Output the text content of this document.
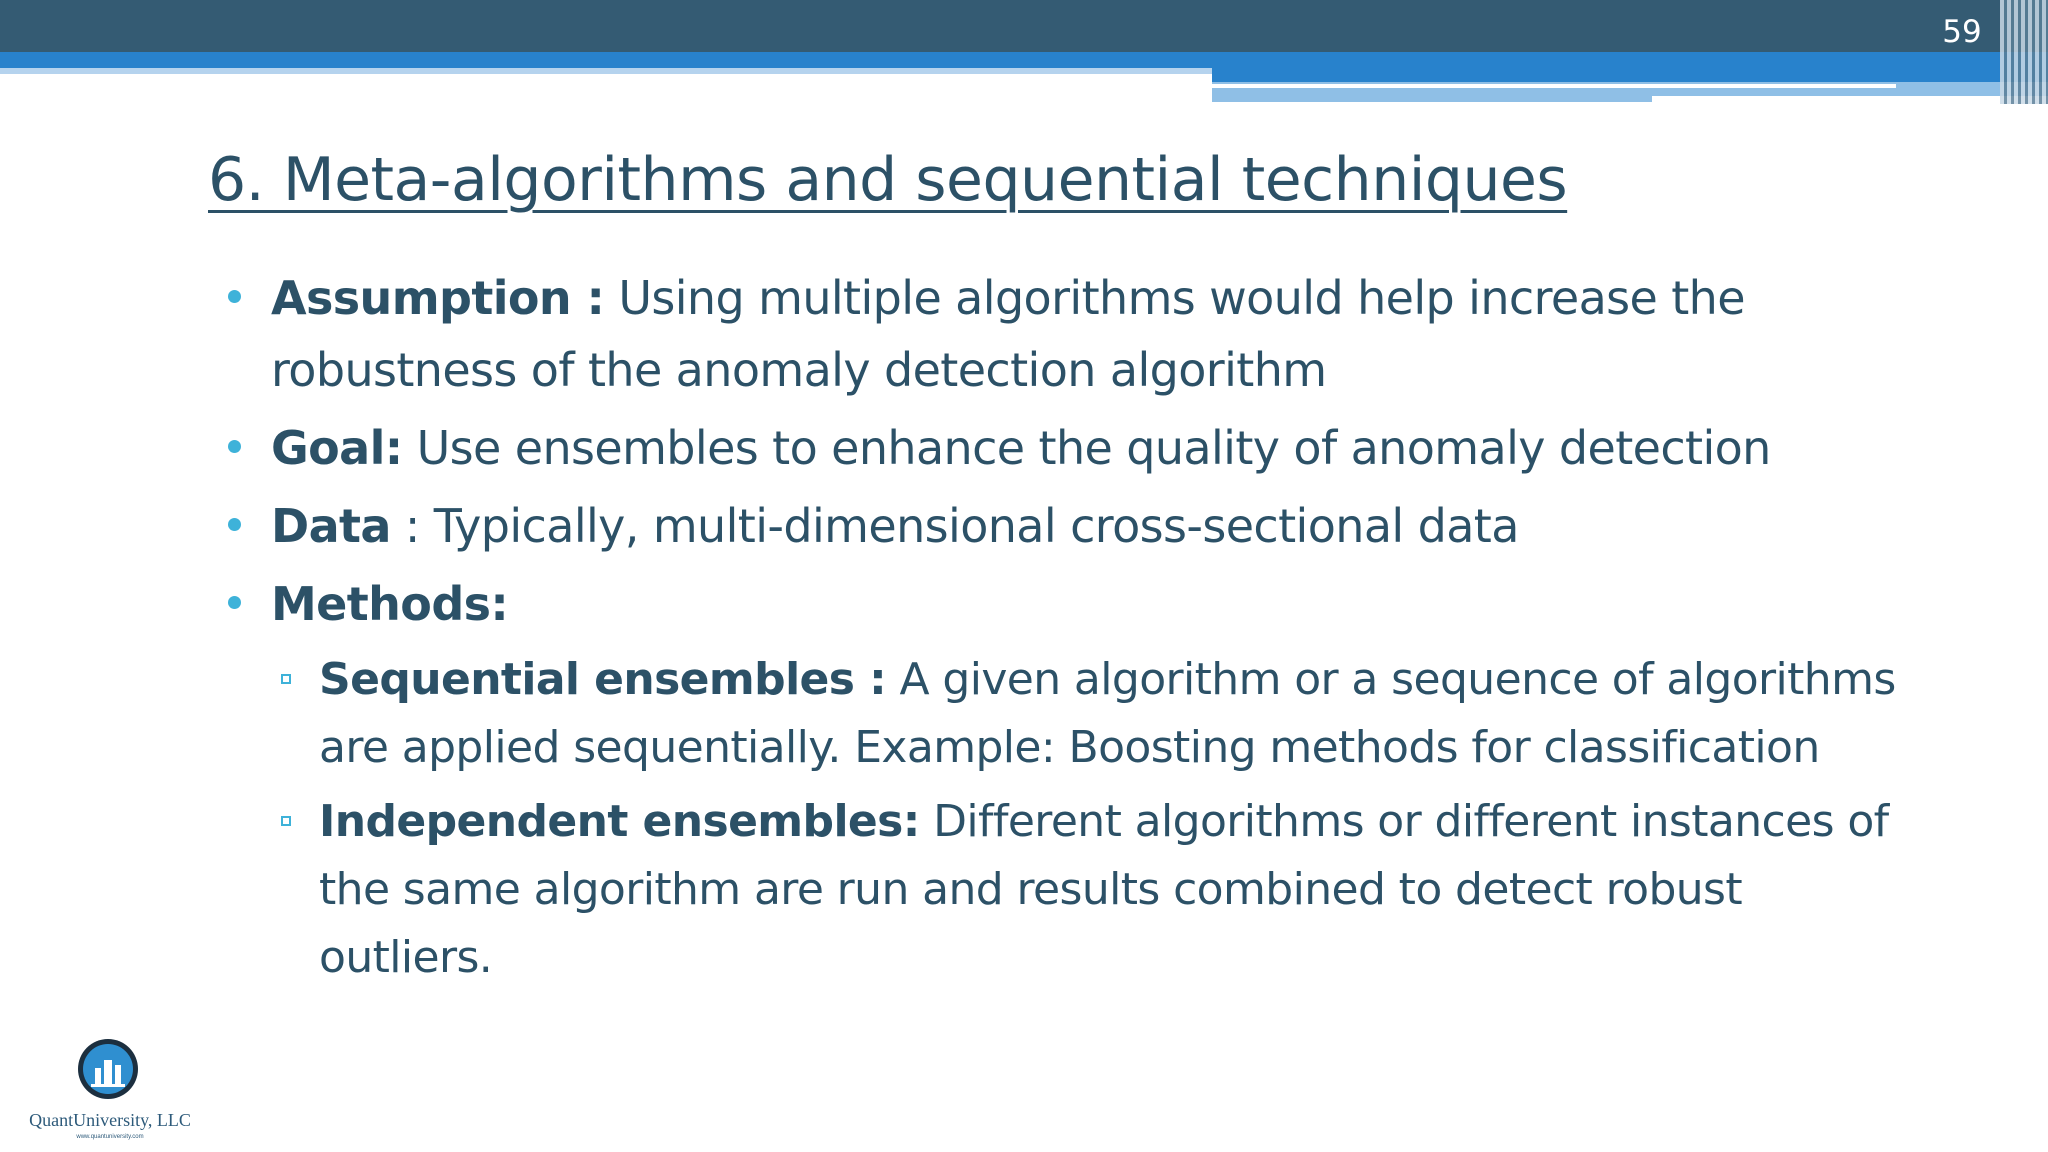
59
6. Meta-algorithms and sequential techniques
Assumption : Using multiple algorithms would help increase the robustness of the anomaly detection algorithm
Goal: Use ensembles to enhance the quality of anomaly detection
Data : Typically, multi-dimensional cross-sectional data
Methods:
Sequential ensembles : A given algorithm or a sequence of algorithms are applied sequentially. Example: Boosting methods for classification
Independent ensembles: Different algorithms or different instances of the same algorithm are run and results combined to detect robust outliers.
QuantUniversity, LLC
www.quantuniversity.com
